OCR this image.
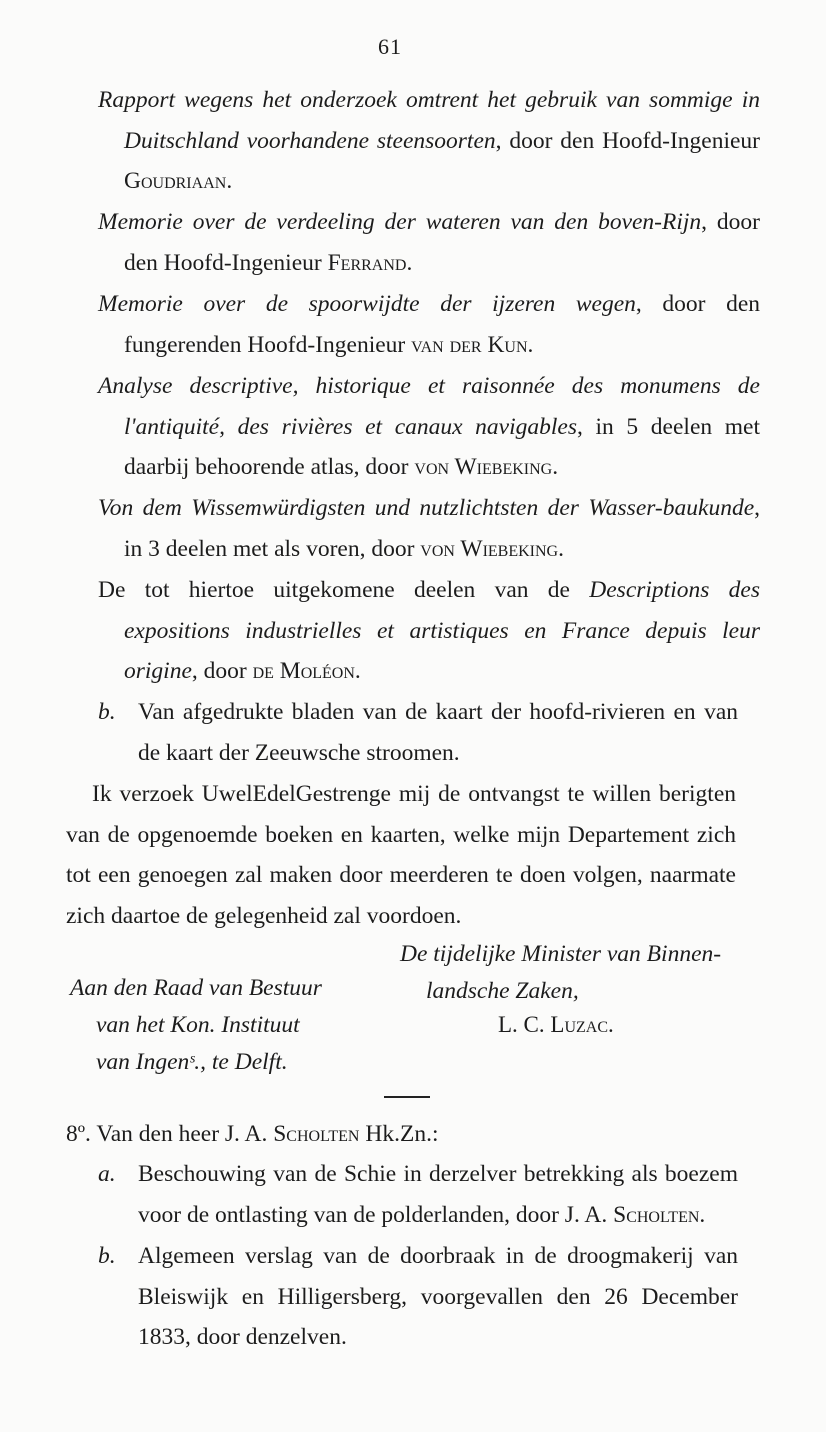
61
Rapport wegens het onderzoek omtrent het gebruik van sommige in Duitschland voorhandene steensoorten, door den Hoofd-Ingenieur Goudriaan.
Memorie over de verdeeling der wateren van den boven-Rijn, door den Hoofd-Ingenieur Ferrand.
Memorie over de spoorwijdte der ijzeren wegen, door den fungerenden Hoofd-Ingenieur van der Kun.
Analyse descriptive, historique et raisonnée des monumens de l'antiquité, des rivières et canaux navigables, in 5 deelen met daarbij behoorende atlas, door von Wiebeking.
Von dem Wissemwürdigsten und nutzlichtsten der Wasser-baukunde, in 3 deelen met als voren, door von Wiebeking.
De tot hiertoe uitgekomene deelen van de Descriptions des expositions industrielles et artistiques en France depuis leur origine, door de Moléon.
b. Van afgedrukte bladen van de kaart der hoofd-rivieren en van de kaart der Zeeuwsche stroomen.
Ik verzoek UwelEdelGestrenge mij de ontvangst te willen berigten van de opgenoemde boeken en kaarten, welke mijn Departement zich tot een genoegen zal maken door meerderen te doen volgen, naarmate zich daartoe de gelegenheid zal voordoen.
De tijdelijke Minister van Binnen-
landsche Zaken,
L. C. Luzac.
Aan den Raad van Bestuur
van het Kon. Instituut
van Ingenˢ., te Delft.
8º. Van den heer J. A. Scholten Hk.Zn.:
a. Beschouwing van de Schie in derzelver betrekking als boezem voor de ontlasting van de polderlanden, door J. A. Scholten.
b. Algemeen verslag van de doorbraak in de droogmakerij van Bleiswijk en Hilligersberg, voorgevallen den 26 December 1833, door denzelven.
